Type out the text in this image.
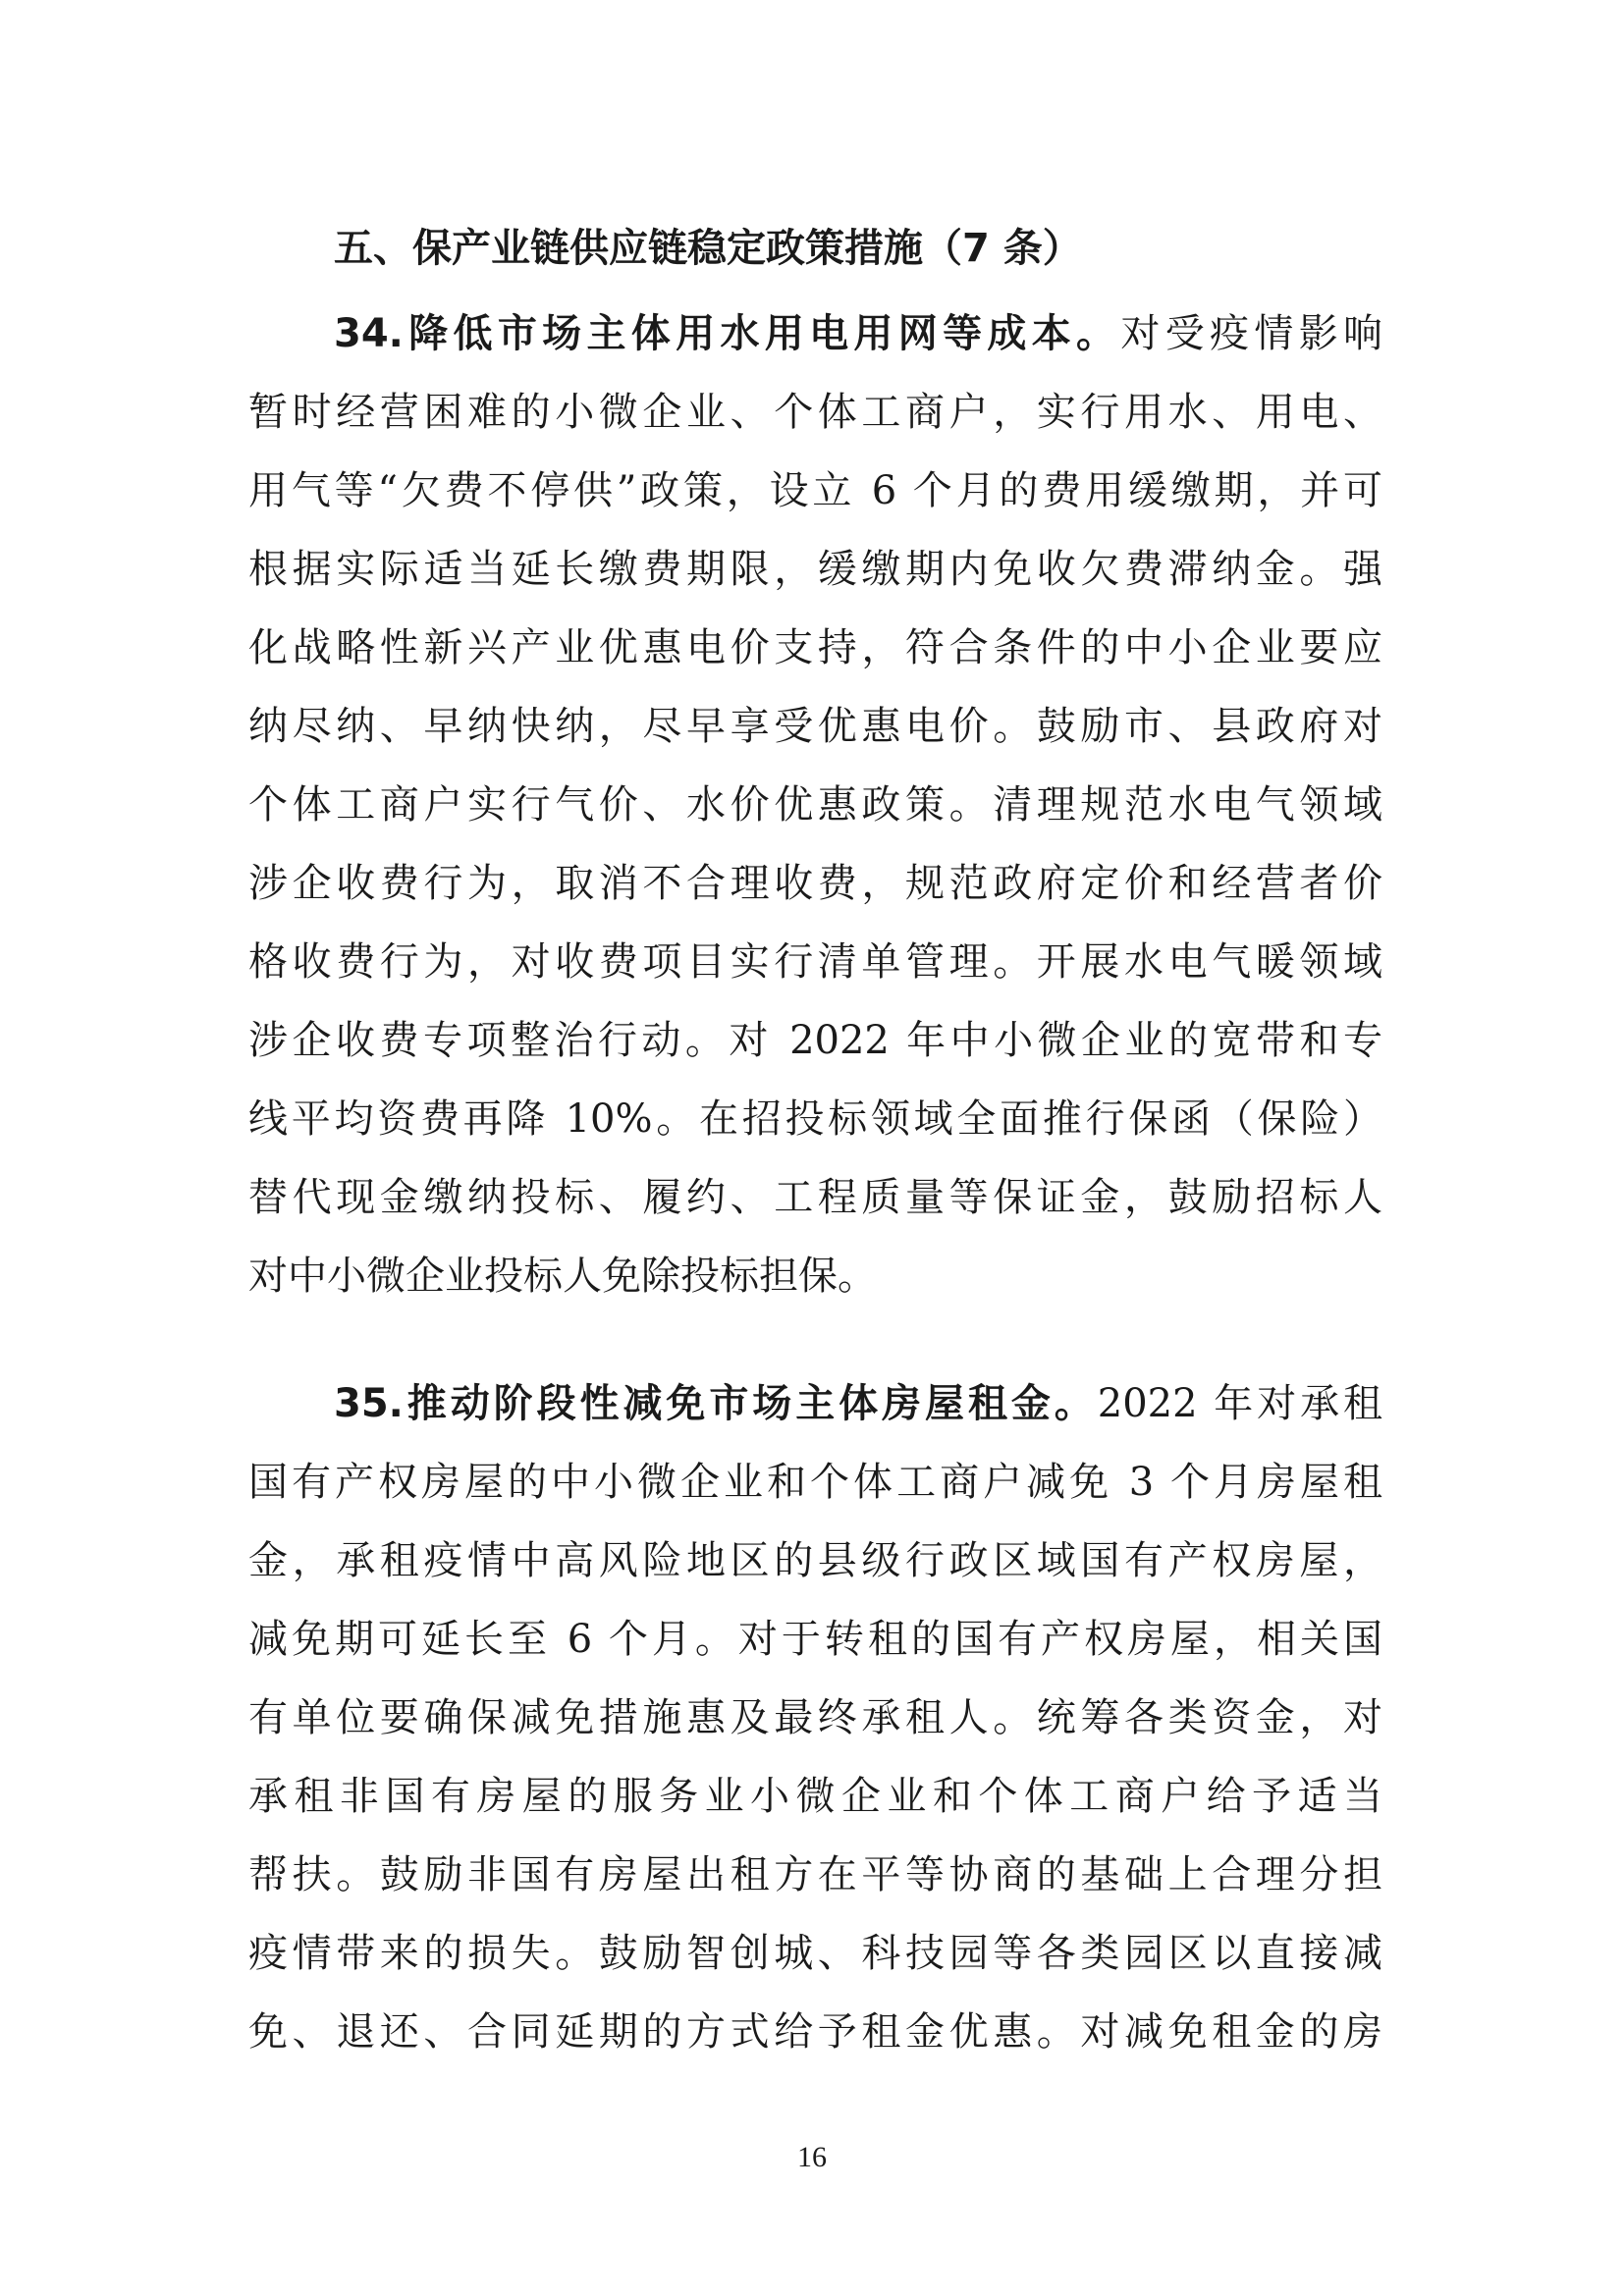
五、保产业链供应链稳定政策措施（7 条）
34.降低市场主体用水用电用网等成本。对受疫情影响
暂时经营困难的小微企业、个体工商户，实行用水、用电、
用气等“欠费不停供”政策，设立 6 个月的费用缓缴期，并可
根据实际适当延长缴费期限，缓缴期内免收欠费滞纳金。强
化战略性新兴产业优惠电价支持，符合条件的中小企业要应
纳尽纳、早纳快纳，尽早享受优惠电价。鼓励市、县政府对
个体工商户实行气价、水价优惠政策。清理规范水电气领域
涉企收费行为，取消不合理收费，规范政府定价和经营者价
格收费行为，对收费项目实行清单管理。开展水电气暖领域
涉企收费专项整治行动。对 2022 年中小微企业的宽带和专
线平均资费再降 10%。在招投标领域全面推行保函（保险）
替代现金缴纳投标、履约、工程质量等保证金，鼓励招标人
对中小微企业投标人免除投标担保。
35.推动阶段性减免市场主体房屋租金。2022 年对承租
国有产权房屋的中小微企业和个体工商户减免 3 个月房屋租
金，承租疫情中高风险地区的县级行政区域国有产权房屋，
减免期可延长至 6 个月。对于转租的国有产权房屋，相关国
有单位要确保减免措施惠及最终承租人。统筹各类资金，对
承租非国有房屋的服务业小微企业和个体工商户给予适当
帮扶。鼓励非国有房屋出租方在平等协商的基础上合理分担
疫情带来的损失。鼓励智创城、科技园等各类园区以直接减
免、退还、合同延期的方式给予租金优惠。对减免租金的房
16
